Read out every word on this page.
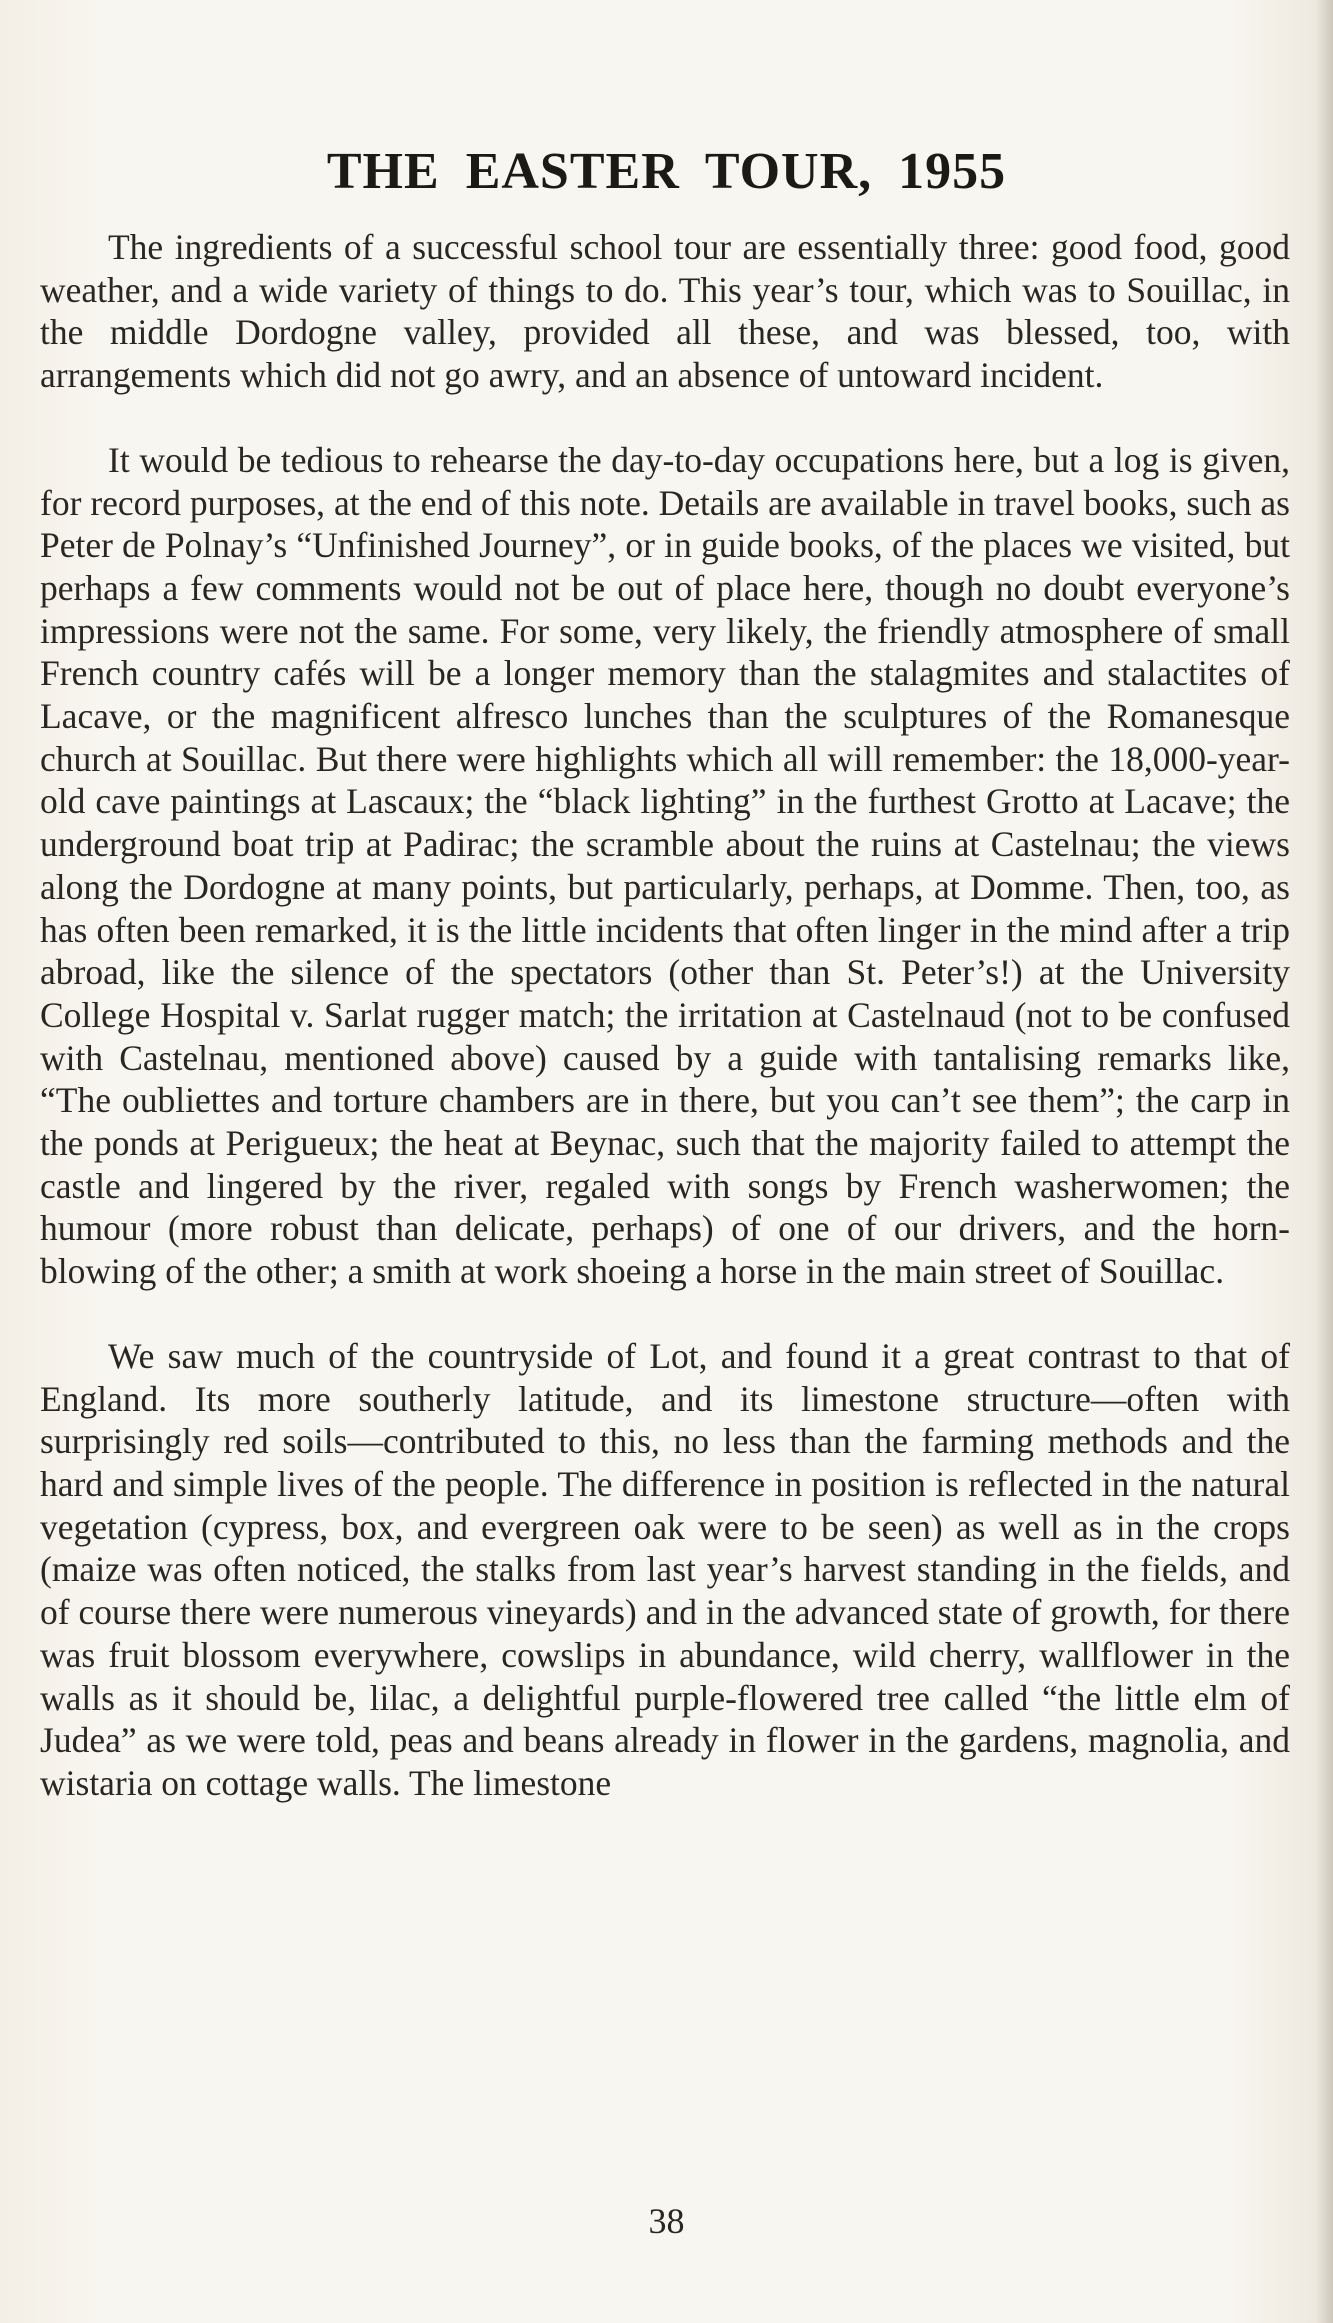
THE EASTER TOUR, 1955

The ingredients of a successful school tour are essentially three: good food, good weather, and a wide variety of things to do. This year’s tour, which was to Souillac, in the middle Dordogne valley, provided all these, and was blessed, too, with arrangements which did not go awry, and an absence of untoward incident.

It would be tedious to rehearse the day-to-day occupations here, but a log is given, for record purposes, at the end of this note. Details are available in travel books, such as Peter de Polnay’s “Unfinished Journey”, or in guide books, of the places we visited, but perhaps a few comments would not be out of place here, though no doubt everyone’s impressions were not the same. For some, very likely, the friendly atmosphere of small French country cafés will be a longer memory than the stalagmites and stalactites of Lacave, or the magnificent alfresco lunches than the sculptures of the Romanesque church at Souillac. But there were highlights which all will remember: the 18,000-year-old cave paintings at Lascaux; the “black lighting” in the furthest Grotto at Lacave; the underground boat trip at Padirac; the scramble about the ruins at Castelnau; the views along the Dordogne at many points, but particularly, perhaps, at Domme. Then, too, as has often been remarked, it is the little incidents that often linger in the mind after a trip abroad, like the silence of the spectators (other than St. Peter’s!) at the University College Hospital v. Sarlat rugger match; the irritation at Castelnaud (not to be confused with Castelnau, mentioned above) caused by a guide with tantalising remarks like, “The oubliettes and torture chambers are in there, but you can’t see them”; the carp in the ponds at Perigueux; the heat at Beynac, such that the majority failed to attempt the castle and lingered by the river, regaled with songs by French washerwomen; the humour (more robust than delicate, perhaps) of one of our drivers, and the horn-blowing of the other; a smith at work shoeing a horse in the main street of Souillac.

We saw much of the countryside of Lot, and found it a great contrast to that of England. Its more southerly latitude, and its limestone structure—often with surprisingly red soils—contributed to this, no less than the farming methods and the hard and simple lives of the people. The difference in position is reflected in the natural vegetation (cypress, box, and evergreen oak were to be seen) as well as in the crops (maize was often noticed, the stalks from last year’s harvest standing in the fields, and of course there were numerous vineyards) and in the advanced state of growth, for there was fruit blossom everywhere, cowslips in abundance, wild cherry, wallflower in the walls as it should be, lilac, a delightful purple-flowered tree called “the little elm of Judea” as we were told, peas and beans already in flower in the gardens, magnolia, and wistaria on cottage walls. The limestone

38
